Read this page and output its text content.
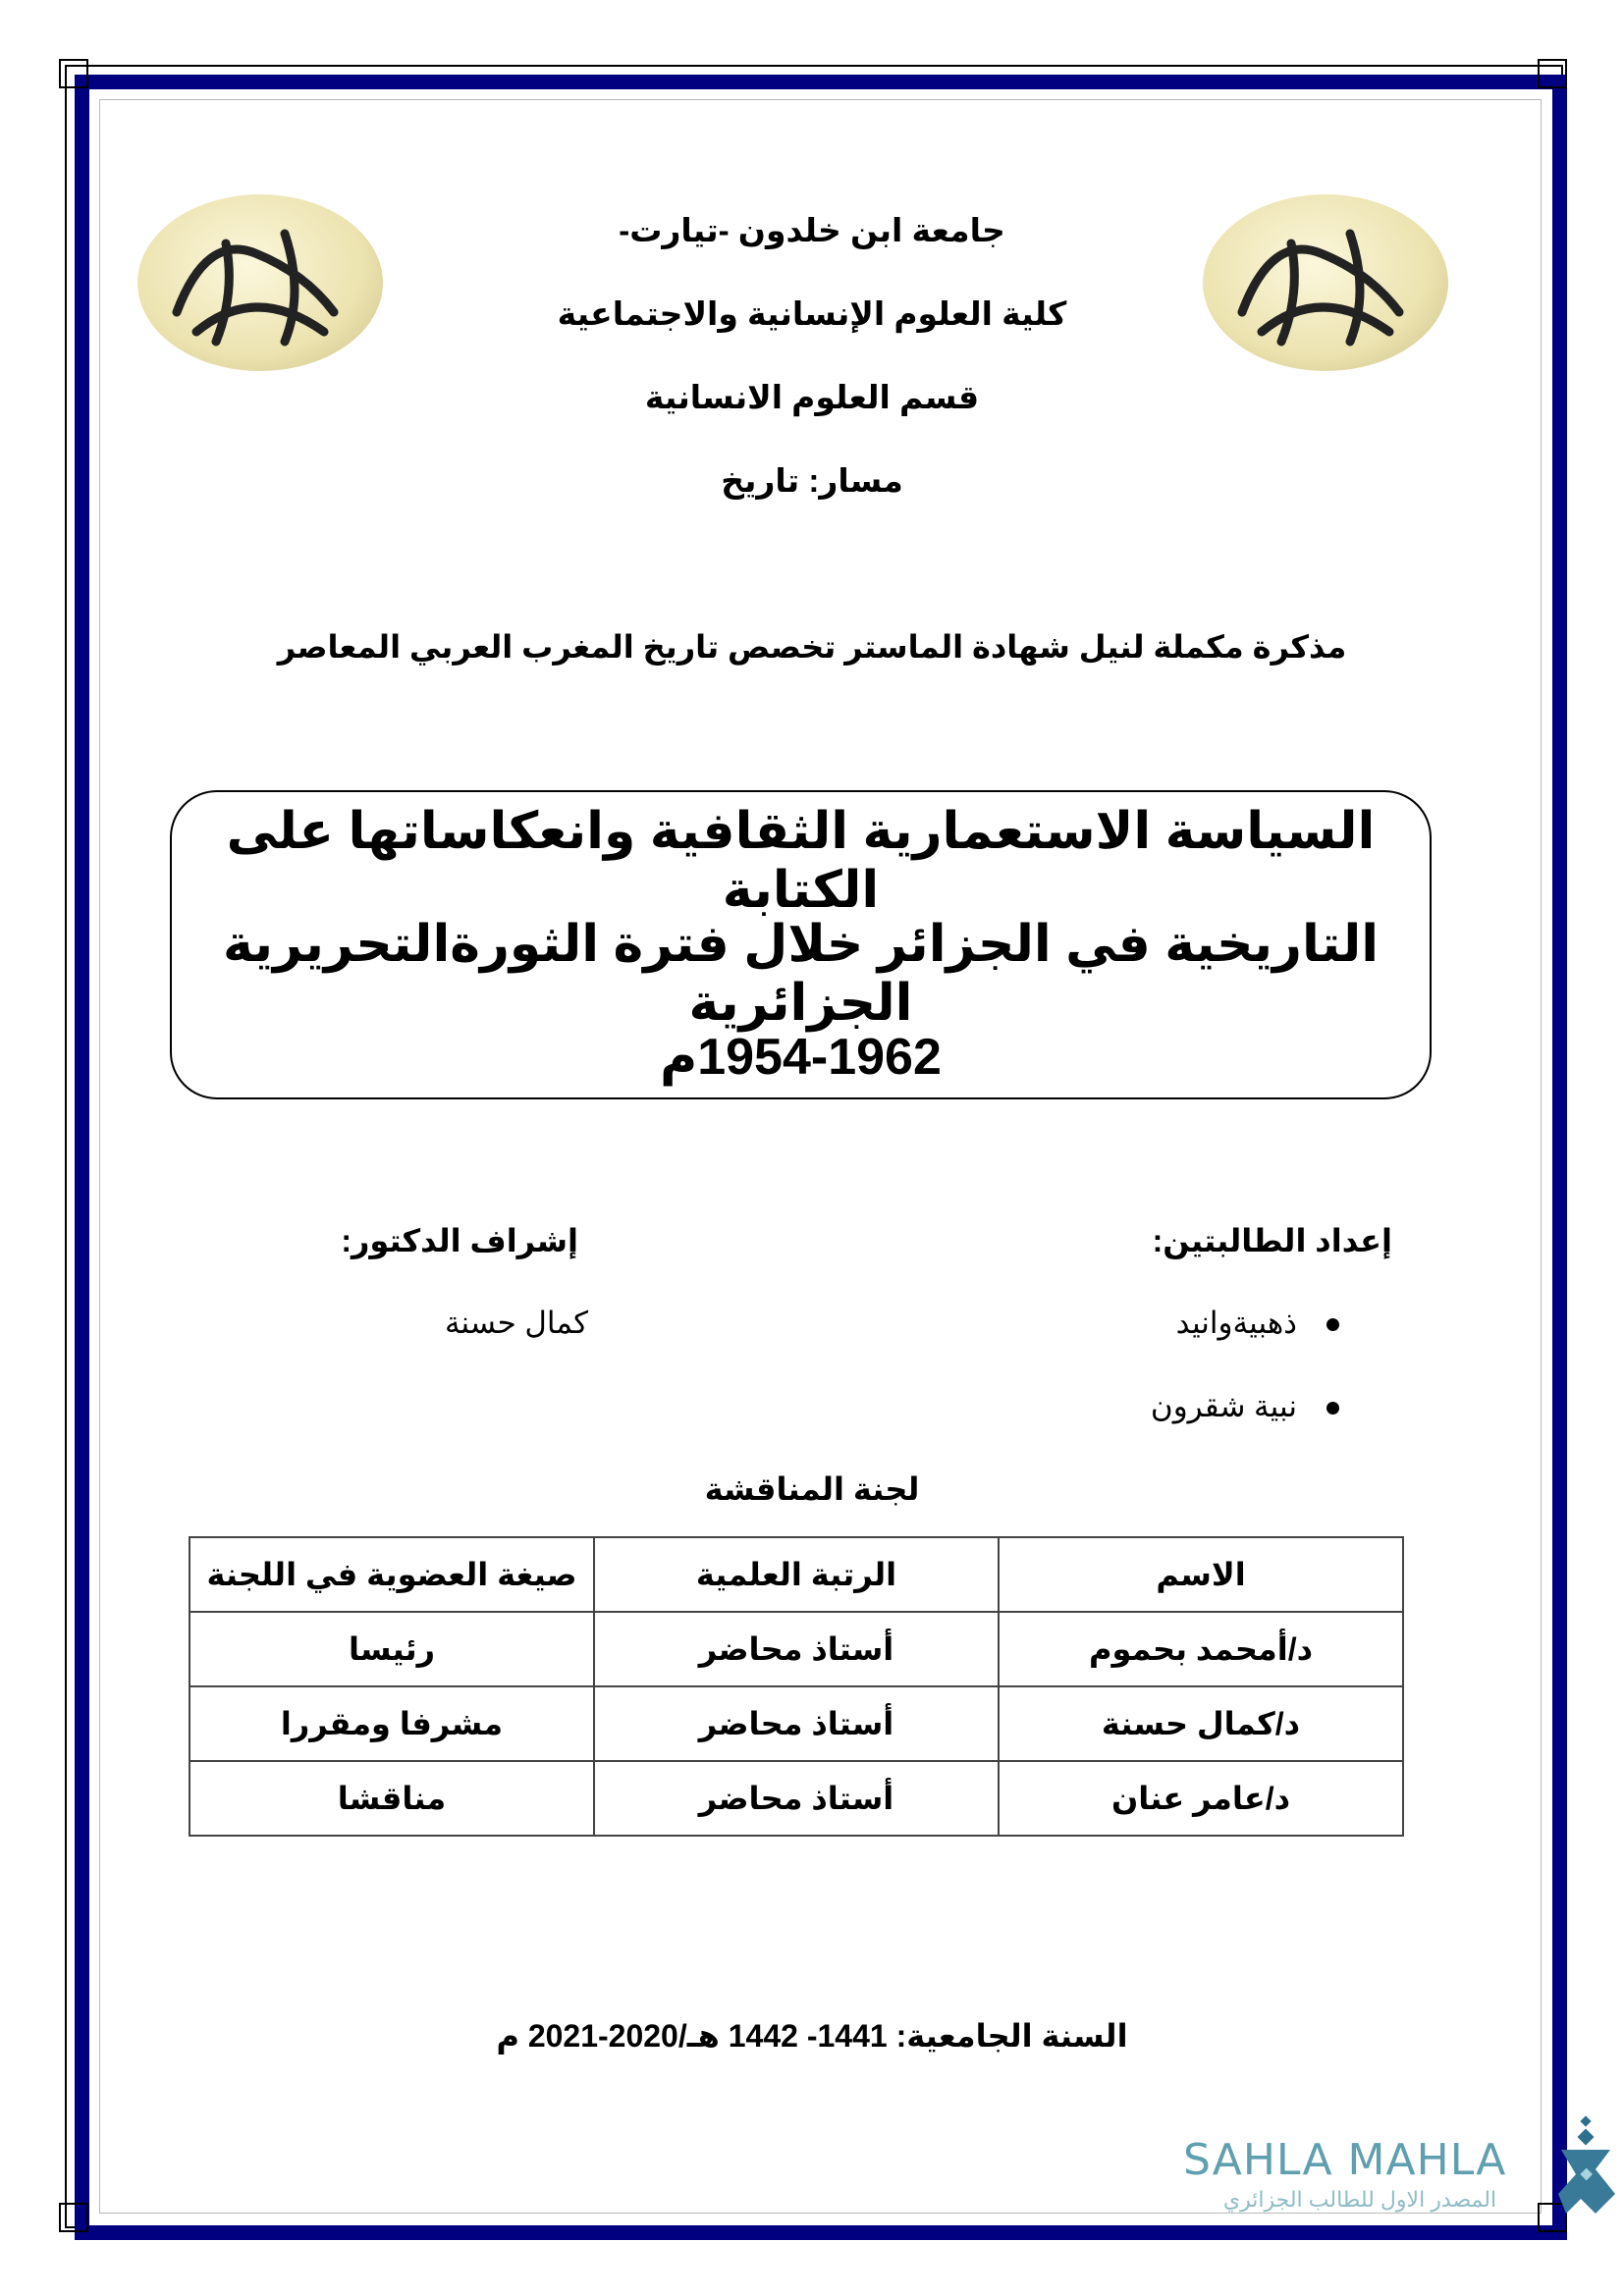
جامعة ابن خلدون -تيارت-
كلية العلوم الإنسانية والاجتماعية
قسم العلوم الانسانية
مسار: تاريخ
مذكرة مكملة لنيل شهادة الماستر تخصص تاريخ المغرب العربي المعاصر
السياسة الاستعمارية الثقافية وانعكاساتها على الكتابة
التاريخية في الجزائر خلال فترة الثورةالتحريرية الجزائرية
1954-1962م
إعداد الطالبتين:
إشراف الدكتور:
ذهبيةوانيد
نبية شقرون
كمال حسنة
لجنة المناقشة
الاسم	الرتبة العلمية	صيغة العضوية في اللجنة
د/أمحمد بحموم	أستاذ محاضر	رئيسا
د/كمال حسنة	أستاذ محاضر	مشرفا ومقررا
د/عامر عنان	أستاذ محاضر	مناقشا
السنة الجامعية: 1441- 1442 هـ/2020-2021 م
SAHLA MAHLA
المصدر الاول للطالب الجزائري
